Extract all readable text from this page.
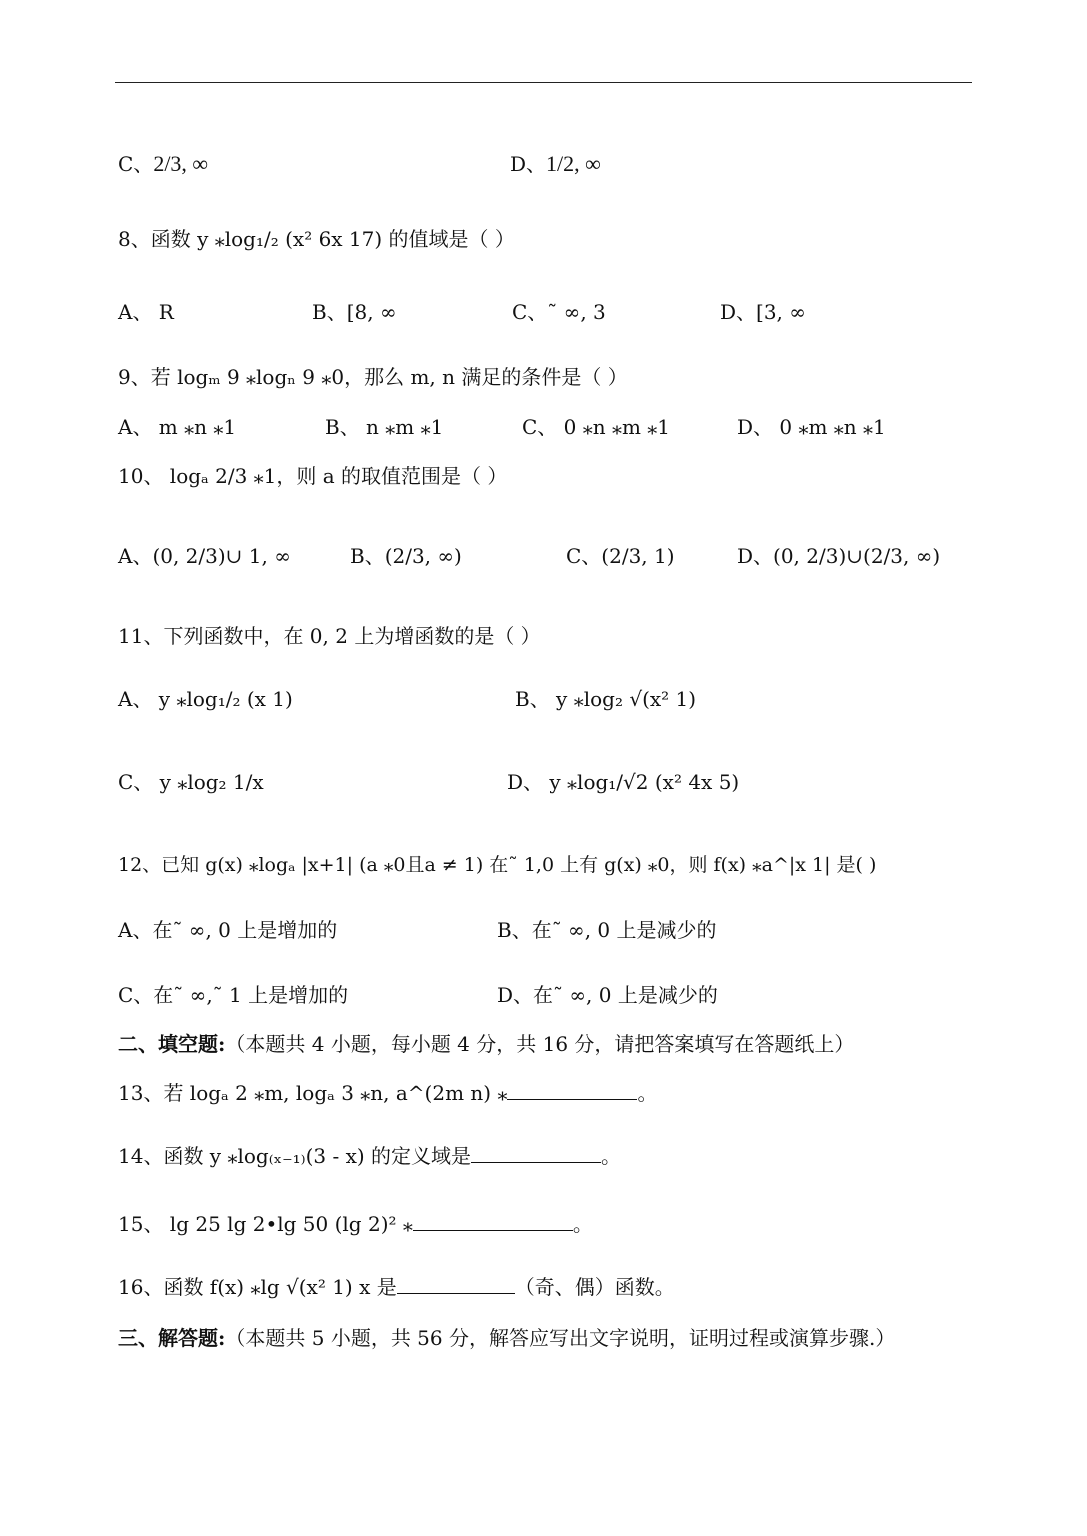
C、2/3, ∞	D、1/2, ∞
8、函数 y ⁎log₁/₂ (x² 6x 17) 的值域是（ ）
A、 R	B、[8, ∞	C、˜ ∞, 3	D、[3, ∞
9、若 logₘ 9 ⁎logₙ 9 ⁎0，那么 m, n 满足的条件是（ ）
A、 m ⁎n ⁎1	B、 n ⁎m ⁎1	C、 0 ⁎n ⁎m ⁎1	D、 0 ⁎m ⁎n ⁎1
10、 logₐ 2/3 ⁎1，则 a 的取值范围是（ ）
A、(0, 2/3)∪ 1, ∞	B、(2/3, ∞)	C、(2/3, 1)	D、(0, 2/3)∪(2/3, ∞)
11、下列函数中，在 0, 2 上为增函数的是（ ）
A、 y ⁎log₁/₂ (x 1)	B、 y ⁎log₂ √(x² 1)
C、 y ⁎log₂ 1/x	D、 y ⁎log₁/√2 (x² 4x 5)
12、已知 g(x) ⁎logₐ |x+1| (a ⁎0且a ≠ 1) 在˜ 1,0 上有 g(x) ⁎0，则 f(x) ⁎a^|x 1| 是( )
A、在˜ ∞, 0 上是增加的	B、在˜ ∞, 0 上是减少的
C、在˜ ∞,˜ 1 上是增加的	D、在˜ ∞, 0 上是减少的
二、填空题:（本题共 4 小题，每小题 4 分，共 16 分，请把答案填写在答题纸上）
13、若 logₐ 2 ⁎m, logₐ 3 ⁎n, a^(2m n) ⁎	。
14、函数 y ⁎log₍ₓ₋₁₎(3 - x) 的定义域是	。
15、 lg 25 lg 2•lg 50 (lg 2)² ⁎	。
16、函数 f(x) ⁎lg √(x² 1) x 是	（奇、偶）函数。
三、解答题:（本题共 5 小题，共 56 分，解答应写出文字说明，证明过程或演算步骤.）
